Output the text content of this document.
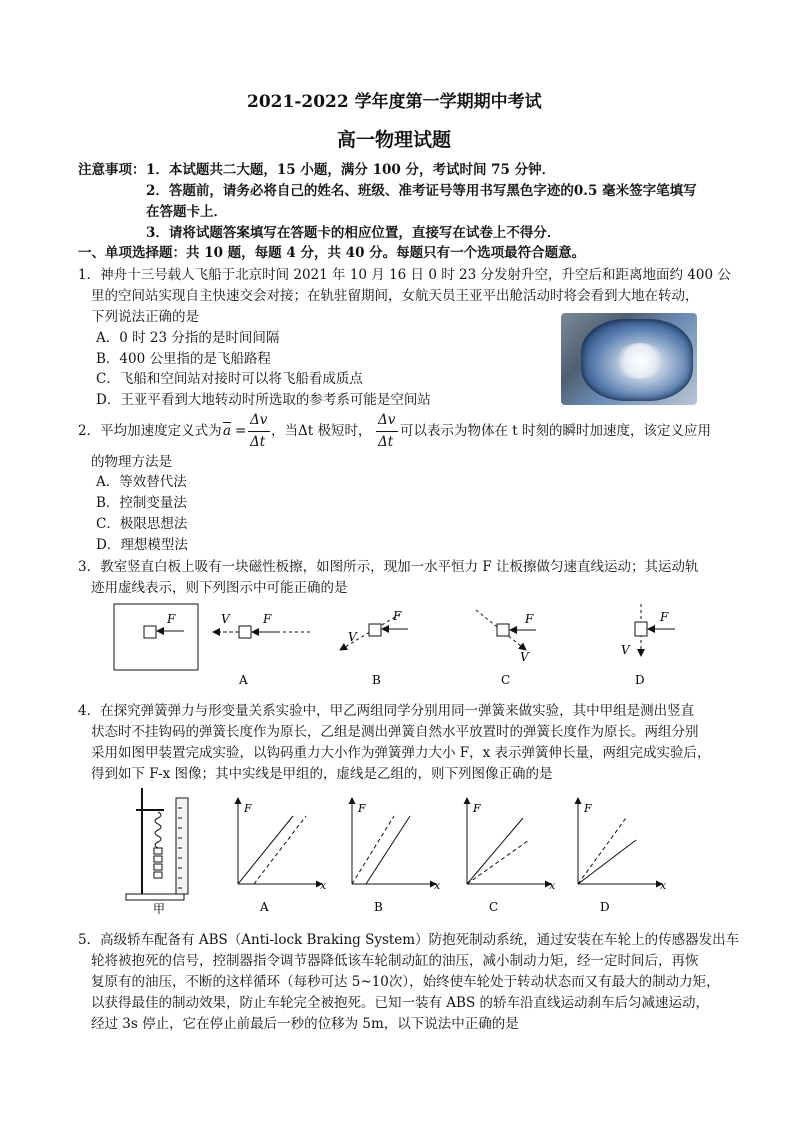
2021-2022 学年度第一学期期中考试
高一物理试题
注意事项： 1．本试题共二大题，15 小题，满分 100 分，考试时间 75 分钟．
2．答题前，请务必将自己的姓名、班级、准考证号等用书写黑色字迹的0.5 毫米签字笔填写
在答题卡上．
3．请将试题答案填写在答题卡的相应位置，直接写在试卷上不得分．
一、单项选择题：共 10 题，每题 4 分，共 40 分。每题只有一个选项最符合题意。
1．神舟十三号载人飞船于北京时间 2021 年 10 月 16 日 0 时 23 分发射升空，升空后和距离地面约 400 公
里的空间站实现自主快速交会对接；在轨驻留期间，女航天员王亚平出舱活动时将会看到大地在转动，
下列说法正确的是
A．0 时 23 分指的是时间间隔
B．400 公里指的是飞船路程
C．飞船和空间站对接时可以将飞船看成质点
D．王亚平看到大地转动时所选取的参考系可能是空间站
2．平均加速度定义式为 $\overline{a}$ =
Δv
Δt
，当Δt 极短时，
Δv
Δt
可以表示为物体在 t 时刻的瞬时加速度，该定义应用
的物理方法是
A．等效替代法
B．控制变量法
C．极限思想法
D．理想模型法
3．教室竖直白板上吸有一块磁性板擦，如图所示，现加一水平恒力 F 让板擦做匀速直线运动；其运动轨
迹用虚线表示，则下列图示中可能正确的是
F	V	F
A
V
F
B
V
F
C
V
F
D
4．在探究弹簧弹力与形变量关系实验中，甲乙两组同学分别用同一弹簧来做实验，其中甲组是测出竖直
状态时不挂钩码的弹簧长度作为原长，乙组是测出弹簧自然水平放置时的弹簧长度作为原长。两组分别
采用如图甲装置完成实验，以钩码重力大小作为弹簧弹力大小 F，x 表示弹簧伸长量，两组完成实验后，
得到如下 F-x 图像；其中实线是甲组的，虚线是乙组的，则下列图像正确的是
甲
F
x
A
F
x
B
F
x
C
F
x
D
5．高级轿车配备有 ABS（Anti-lock Braking System）防抱死制动系统，通过安装在车轮上的传感器发出车
轮将被抱死的信号，控制器指令调节器降低该车轮制动缸的油压，减小制动力矩，经一定时间后，再恢
复原有的油压，不断的这样循环（每秒可达 5~10次），始终使车轮处于转动状态而又有最大的制动力矩，
以获得最佳的制动效果，防止车轮完全被抱死。已知一装有 ABS 的轿车沿直线运动刹车后匀减速运动，
经过 3s 停止，它在停止前最后一秒的位移为 5m，以下说法中正确的是
